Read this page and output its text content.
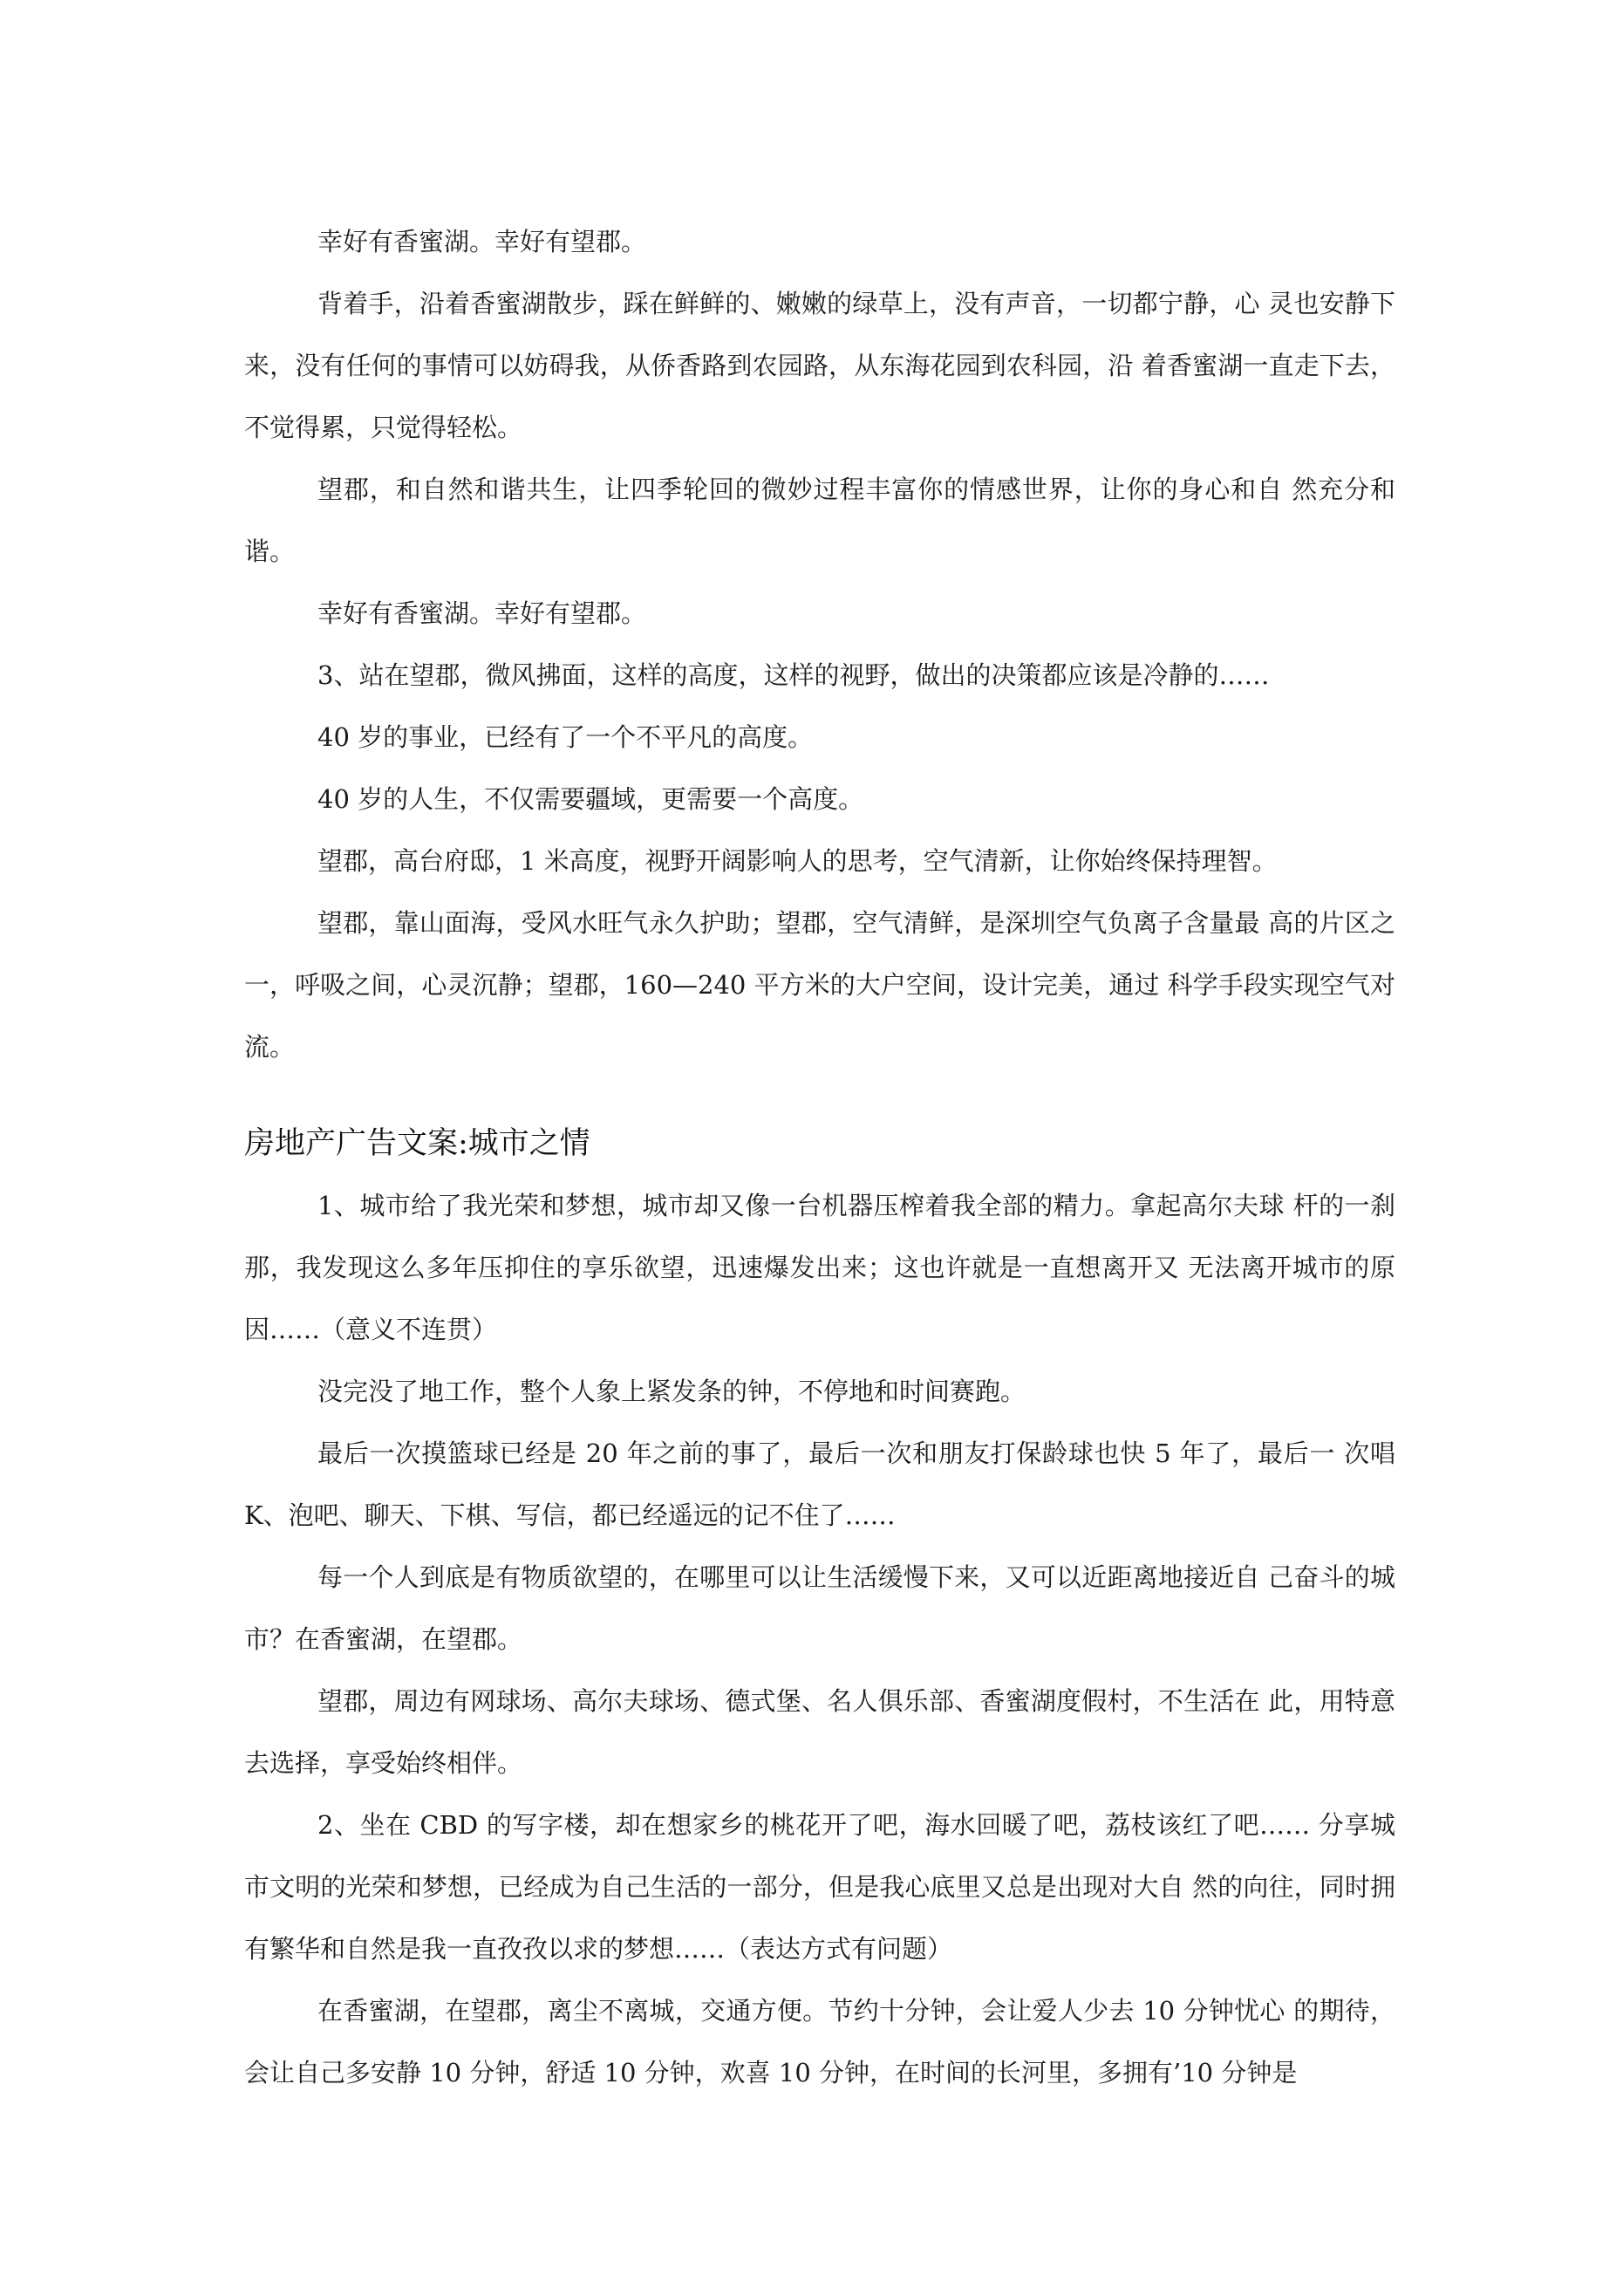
幸好有香蜜湖。幸好有望郡。

背着手，沿着香蜜湖散步，踩在鲜鲜的、嫩嫩的绿草上，没有声音，一切都宁静，心 灵也安静下来，没有任何的事情可以妨碍我，从侨香路到农园路，从东海花园到农科园，沿 着香蜜湖一直走下去，不觉得累，只觉得轻松。

望郡，和自然和谐共生，让四季轮回的微妙过程丰富你的情感世界，让你的身心和自 然充分和谐。

幸好有香蜜湖。幸好有望郡。

3、站在望郡，微风拂面，这样的高度，这样的视野，做出的决策都应该是冷静的……

40 岁的事业，已经有了一个不平凡的高度。

40 岁的人生，不仅需要疆域，更需要一个高度。

望郡，高台府邸，1 米高度，视野开阔影响人的思考，空气清新，让你始终保持理智。

望郡，靠山面海，受风水旺气永久护助；望郡，空气清鲜，是深圳空气负离子含量最 高的片区之一，呼吸之间，心灵沉静；望郡，160—240 平方米的大户空间，设计完美，通过 科学手段实现空气对流。

房地产广告文案:城市之情

1、城市给了我光荣和梦想，城市却又像一台机器压榨着我全部的精力。拿起高尔夫球 杆的一刹那，我发现这么多年压抑住的享乐欲望，迅速爆发出来；这也许就是一直想离开又 无法离开城市的原因……（意义不连贯）

没完没了地工作，整个人象上紧发条的钟，不停地和时间赛跑。

最后一次摸篮球已经是 20 年之前的事了，最后一次和朋友打保龄球也快 5 年了，最后一 次唱 K、泡吧、聊天、下棋、写信，都已经遥远的记不住了……

每一个人到底是有物质欲望的，在哪里可以让生活缓慢下来，又可以近距离地接近自 己奋斗的城市？在香蜜湖，在望郡。

望郡，周边有网球场、高尔夫球场、德式堡、名人俱乐部、香蜜湖度假村，不生活在 此，用特意去选择，享受始终相伴。

2、坐在 CBD 的写字楼，却在想家乡的桃花开了吧，海水回暖了吧，荔枝该红了吧…… 分享城市文明的光荣和梦想，已经成为自己生活的一部分，但是我心底里又总是出现对大自 然的向往，同时拥有繁华和自然是我一直孜孜以求的梦想……（表达方式有问题）

在香蜜湖，在望郡，离尘不离城，交通方便。节约十分钟，会让爱人少去 10 分钟忧心 的期待，会让自己多安静 10 分钟，舒适 10 分钟，欢喜 10 分钟，在时间的长河里，多拥有’10 分钟是
